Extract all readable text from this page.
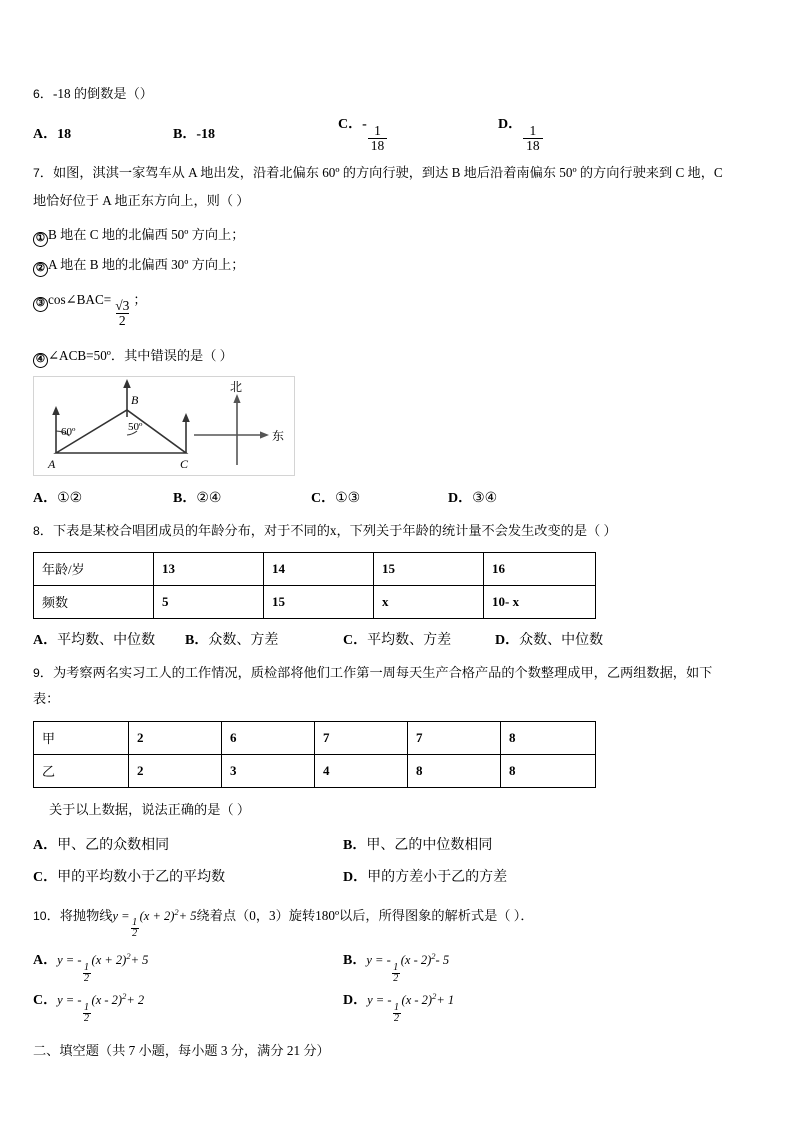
6．-18 的倒数是（）
A．18	B．-18
C．- $\frac{1}{18}$	D． $\frac{1}{18}$
7．如图，淇淇一家驾车从 A 地出发，沿着北偏东 60º 的方向行驶，到达 B 地后沿着南偏东 50º 的方向行驶来到 C 地，C
地恰好位于 A 地正东方向上，则（ ）
① B 地在 C 地的北偏西 50º 方向上；
② A 地在 B 地的北偏西 30º 方向上；
③ cos∠BAC= $\frac{√3}{2}$ ；
④ ∠ACB=50º．其中错误的是（ ）
A
B
C
60º	50º
北
东
A．①②	B．②④	C．①③	D．③④
8．下表是某校合唱团成员的年龄分布，对于不同的x，下列关于年龄的统计量不会发生改变的是（ ）
年龄/岁	13	14	15	16
频数	5	15	x	10- x
A．平均数、中位数	B．众数、方差	C．平均数、方差	D．众数、中位数
9．为考察两名实习工人的工作情况，质检部将他们工作第一周每天生产合格产品的个数整理成甲，乙两组数据，如下
表：
甲	2	6	7	7	8
乙	2	3	4	8	8
关于以上数据，说法正确的是（ ）
A．甲、乙的众数相同	B．甲、乙的中位数相同
C．甲的平均数小于乙的平均数	D．甲的方差小于乙的方差
10．将抛物线y =
$\frac{1}{2}$
$(x + 2)^2+ 5$绕着点（0，3）旋转180º以后，所得图象的解析式是（ ）．
A．y = -
$\frac{1}{2}$
$(x + 2)^2+ 5$	B．y = -
$\frac{1}{2}$
(x - 2)$^2$- 5
C．y = -
$\frac{1}{2}$
(x - 2)$^2$+ 2	D．y = -
$\frac{1}{2}$
(x - 2)$^2$+ 1
二、填空题（共 7 小题，每小题 3 分，满分 21 分）
